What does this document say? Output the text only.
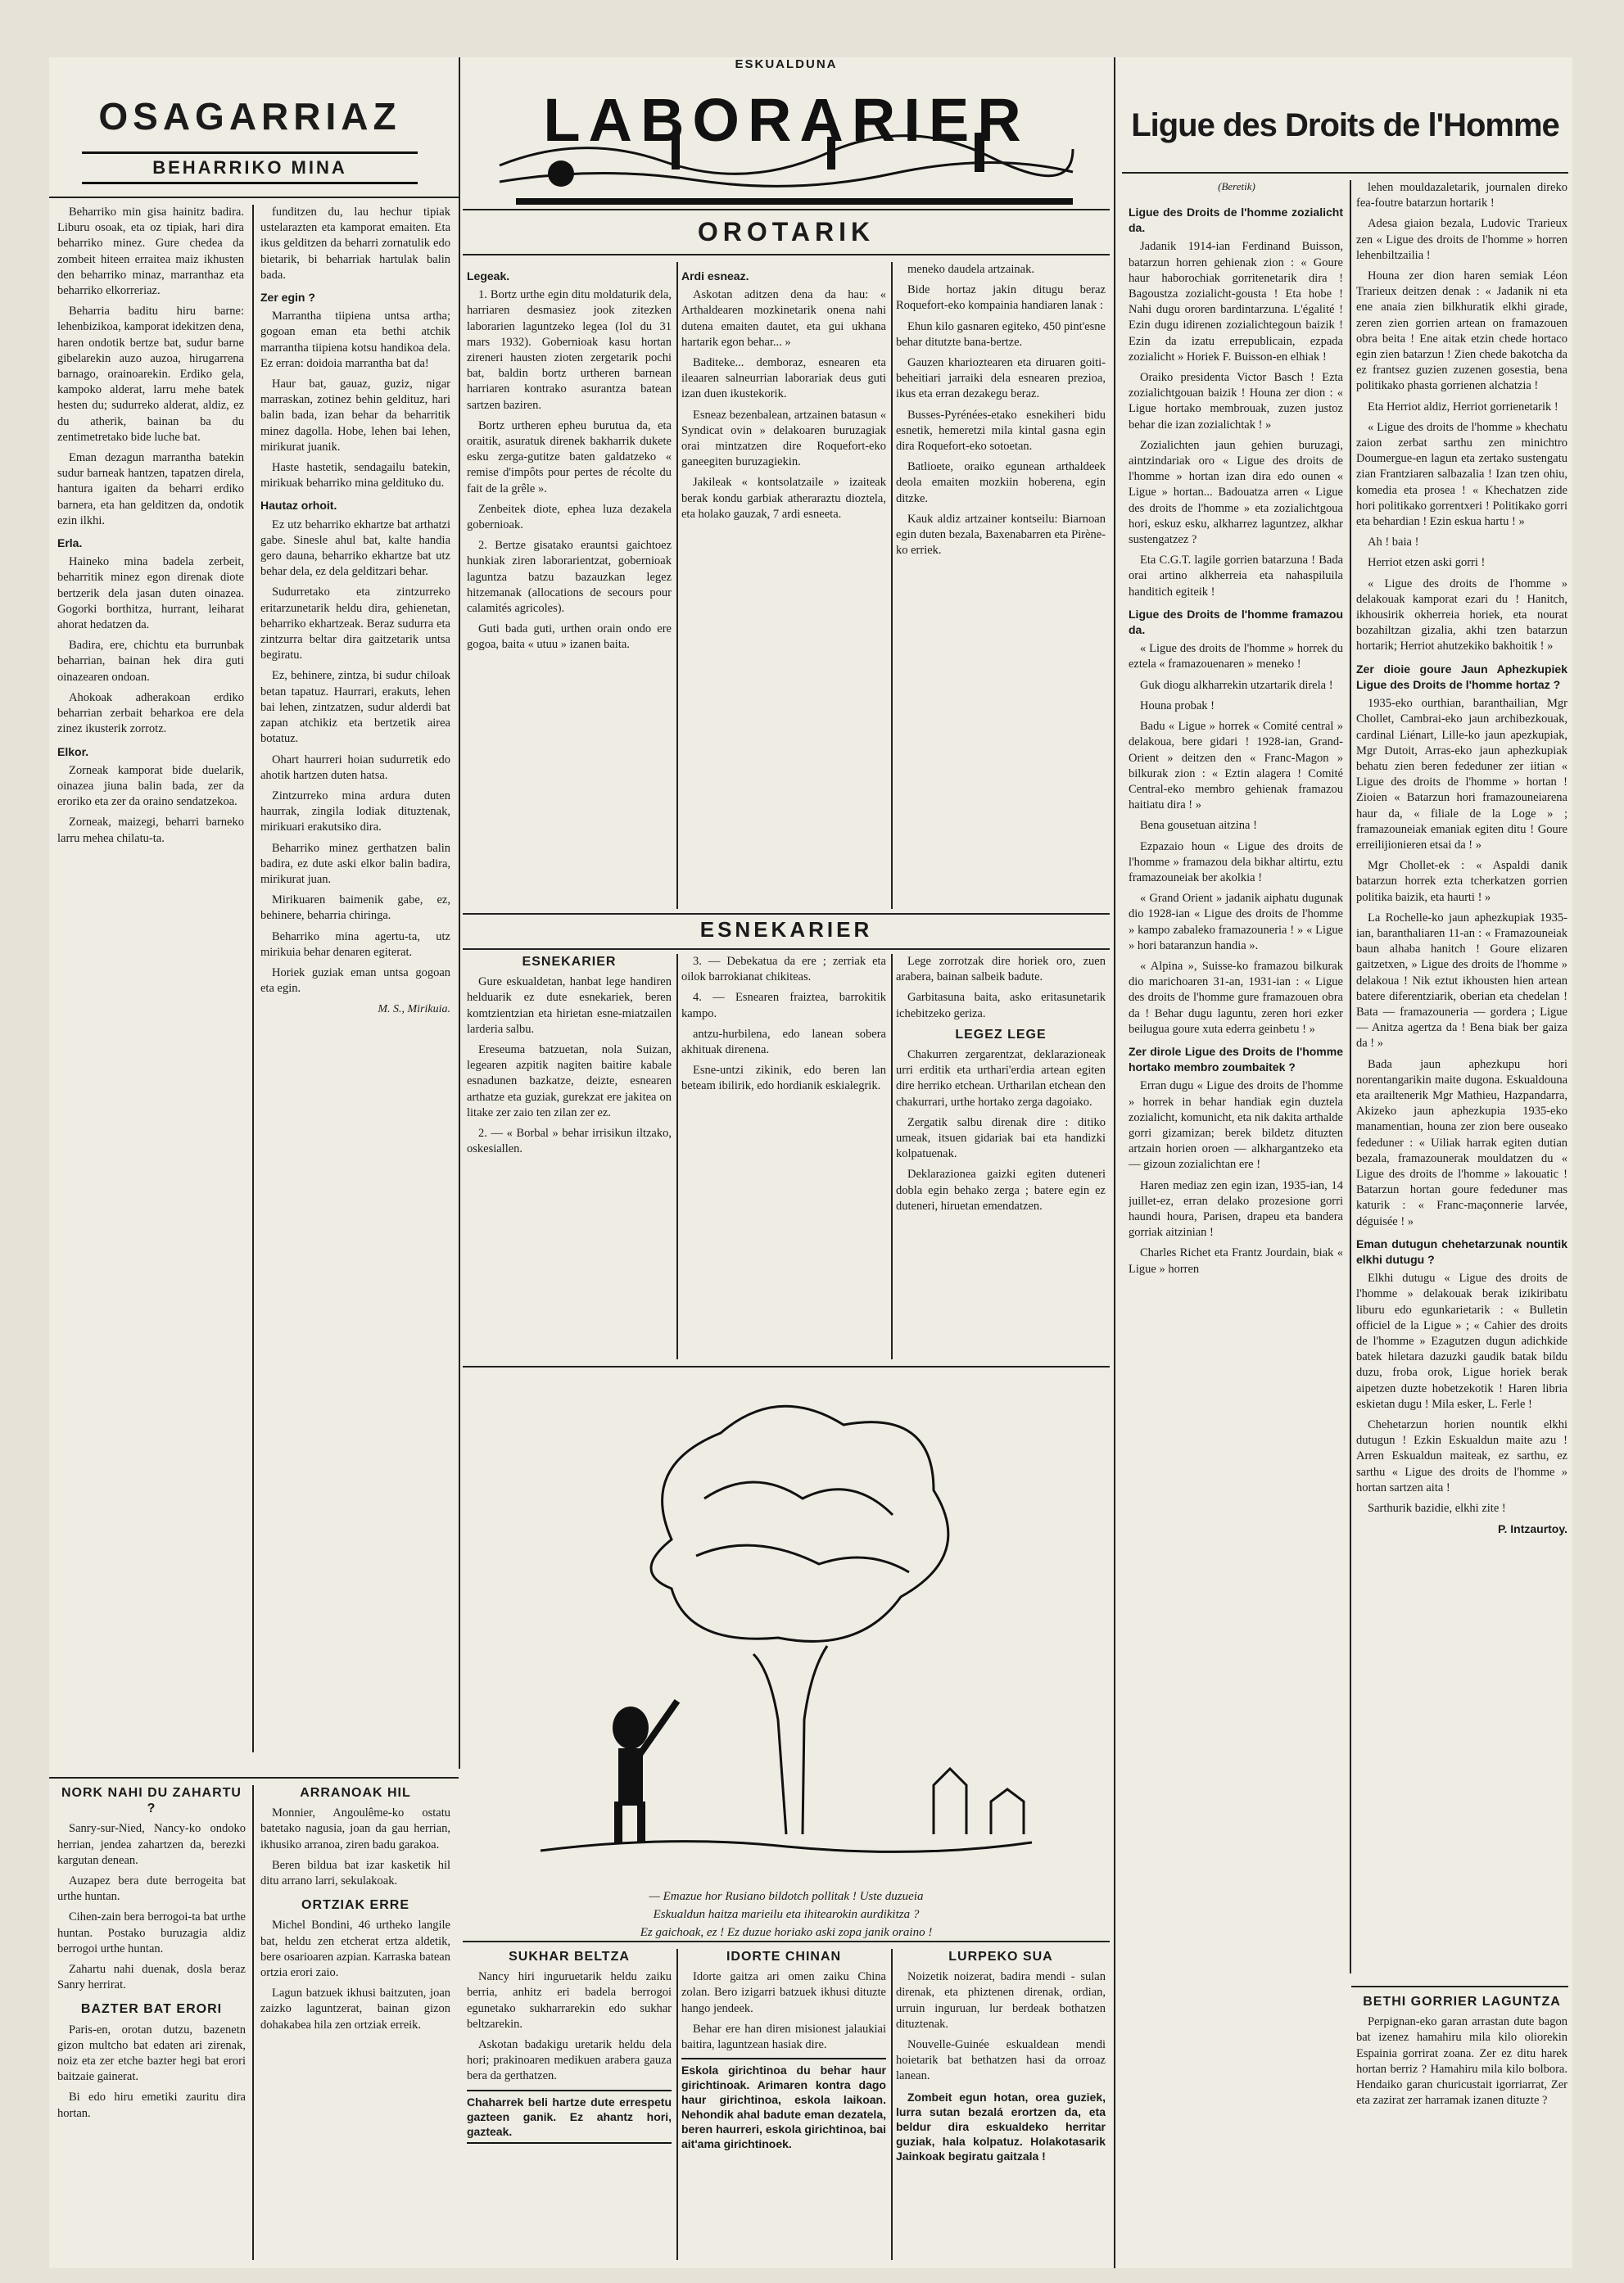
OSAGARRIAZ
BEHARRIKO MINA

Beharriko min gisa hainitz badira. Liburu osoak, eta oz tipiak, hari dira beharriko minez. Gure chedea da zombeit hiteen erraitea maiz ikhusten den beharriko minaz, marranthaz eta beharriko elkorreriaz.

Beharria baditu hiru barne: lehenbizikoa, kamporat idekitzen dena, haren ondotik bertze bat, sudur barne gibelarekin auzo auzoa, hirugarrena barnago, orainoarekin. Erdiko gela, kampoko alderat, larru mehe batek hesten du; sudurreko alderat, aldiz, ez du atherik, bainan ba du zentimetretako bide luche bat.

Eman dezagun marrantha batekin sudur barneak hantzen, tapatzen direla, hantura igaiten da beharri erdiko barnera, eta han gelditzen da, ondotik ezin ilkhi.

Erla.

Haineko mina badela zerbeit, beharritik minez egon direnak diote bertzerik dela jasan duten oinazea. Gogorki borthitza, hurrant, leiharat ahorat hedatzen da.

Badira, ere, chichtu eta burrunbak beharrian, bainan hek dira guti oinazearen ondoan.

Ahokoak adherakoan erdiko beharrian zerbait beharkoa ere dela zinez ikusterik zorrotz.

Elkor.

Zorneak kamporat bide duelarik, oinazea jiuna balin bada, zer da eroriko eta zer da oraino sendatzekoa.

Zorneak, maizegi, beharri barneko larru mehea chilatu-ta.

funditzen du, lau hechur tipiak ustelarazten eta kamporat emaiten. Eta ikus gelditzen da beharri zornatulik edo bietarik, bi beharriak hartulak balin bada.

Zer egin ?

Marrantha tiipiena untsa artha; gogoan eman eta bethi atchik marrantha tiipiena kotsu handikoa dela. Ez erran: doidoia marrantha bat da!

Haur bat, gauaz, guziz, nigar marraskan, zotinez behin geldituz, hari balin bada, izan behar da beharritik minez dagolla. Hobe, lehen bai lehen, mirikurat juanik.

Haste hastetik, sendagailu batekin, mirikuak beharriko mina geldituko du.

Hautaz orhoit.

Ez utz beharriko ekhartze bat arthatzi gabe. Sinesle ahul bat, kalte handia gero dauna, beharriko ekhartze bat utz behar dela, ez dela gelditzari behar.

Sudurretako eta zintzurreko eritarzunetarik heldu dira, gehienetan, beharriko ekhartzeak. Beraz sudurra eta zintzurra beltar dira gaitzetarik untsa begiratu.

Ez, behinere, zintza, bi sudur chiloak betan tapatuz. Haurrari, erakuts, lehen bai lehen, zintzatzen, sudur alderdi bat zapan atchikiz eta bertzetik airea botatuz.

Ohart haurreri hoian sudurretik edo ahotik hartzen duten hatsa.

Zintzurreko mina ardura duten haurrak, zingila lodiak dituztenak, mirikuari erakutsiko dira.

Beharriko minez gerthatzen balin badira, ez dute aski elkor balin badira, mirikurat juan.

Mirikuaren baimenik gabe, ez, behinere, beharria chiringa.

Beharriko mina agertu-ta, utz mirikuia behar denaren egiterat.

Horiek guziak eman untsa gogoan eta egin.

M. S., Mirikuia.
ESKUALDUNA
LABORARIER
OROTARIK
Legeak.

1. Bortz urthe egin ditu moldaturik dela, harriaren desmasiez jook zitezken laborarien laguntzeko legea (Iol du 31 mars 1932). Gobernioak kasu hortan zireneri hausten zioten zergetarik pochi bat, baldin bortz urtheren barnean harriaren kontrako asurantza batean sartzen baziren.

Bortz urtheren epheu burutua da, eta oraitik, asuratuk direnek bakharrik dukete esku zerga-gutitze baten galdatzeko « remise d'impôts pour pertes de récolte du fait de la grêle ».

Zenbeitek diote, ephea luza dezakela gobernioak.

2. Bertze gisatako erauntsi gaichtoez hunkiak ziren laborarientzat, gobernioak laguntza batzu bazauzkan legez hitzemanak (allocations de secours pour calamités agricoles).

Guti bada guti, urthen orain ondo ere gogoa, baita « utuu » izanen baita.

Ardi esneaz.

Askotan aditzen dena da hau: « Arthaldearen mozkinetarik onena nahi dutena emaiten dautet, eta gui ukhana hartarik egon behar... »

Baditeke... demboraz, esnearen eta ileaaren salneurrian laborariak deus guti izan duen ikustekorik.

Esneaz bezenbalean, artzainen batasun « Syndicat ovin » delakoaren buruzagiak orai mintzatzen dire Roquefort-eko ganeegiten buruzagiekin.

Jakileak « kontsolatzaile » izaiteak berak kondu garbiak atheraraztu dioztela, eta holako gauzak, 7 ardi esneeta.

meneko daudela artzainak.

Bide hortaz jakin ditugu beraz Roquefort-eko kompainia handiaren lanak :

Ehun kilo gasnaren egiteko, 450 pint'esne behar ditutzte bana-bertze.

Gauzen kharioztearen eta diruaren goiti-beheitiari jarraiki dela esnearen prezioa, ikus eta erran dezakegu beraz.

Busses-Pyrénées-etako esnekiheri bidu esnetik, hemeretzi mila kintal gasna egin dira Roquefort-eko sotoetan.

Batlioete, oraiko egunean arthaldeek deola emaiten mozkiin hoberena, egin ditzke.

Kauk aldiz artzainer kontseilu: Biarnoan egin duten bezala, Baxenabarren eta Pirène-ko erriek.

ESNEKARIER
ESNEKARIER

Gure eskualdetan, hanbat lege handiren helduarik ez dute esnekariek, beren komtzientzian eta hirietan esne-miatzailen larderia salbu.

Ereseuma batzuetan, nola Suizan, legearen azpitik nagiten baitire kabale esnadunen bazkatze, deizte, esnearen arthatze eta guziak, gurekzat ere jakitea on litake zer zaio ten zilan zer ez.

2. — « Borbal » behar irrisikun iltzako, oskesiallen.

3. — Debekatua da ere ; zerriak eta oilok barrokianat chikiteas.

4. — Esnearen fraiztea, barrokitik kampo.

antzu-hurbilena, edo lanean sobera akhituak direnena.

Esne-untzi zikinik, edo beren lan beteam ibilirik, edo hordianik eskialegrik.

Lege zorrotzak dire horiek oro, zuen arabera, bainan salbeik badute.

Garbitasuna baita, asko eritasunetarik ichebitzeko geriza.

LEGEZ LEGE

Chakurren zergarentzat, deklarazioneak urri erditik eta urthari'erdia artean egiten dire herriko etchean. Urtharilan etchean den chakurrari, urthe hortako zerga dagoiako.

Zergatik salbu direnak dire : ditiko umeak, itsuen gidariak bai eta handizki kolpatuenak.

Deklarazionea gaizki egiten duteneri dobla egin behako zerga ; batere egin ez duteneri, hiruetan emendatzen.

— Emazue hor Rusiano bildotch pollitak ! Uste duzueia
Eskualdun haitza marieilu eta ihitearokin aurdikitza ?
Ez gaichoak, ez ! Ez duzue horiako aski zopa janik oraino !
NORK NAHI DU ZAHARTU ?

Sanry-sur-Nied, Nancy-ko ondoko herrian, jendea zahartzen da, berezki kargutan denean.

Auzapez bera dute berrogeita bat urthe huntan.

Cihen-zain bera berrogoi-ta bat urthe huntan. Postako buruzagia aldiz berrogoi urthe huntan.

Zahartu nahi duenak, dosla beraz Sanry herrirat.

BAZTER BAT ERORI

Paris-en, orotan dutzu, bazenetn gizon multcho bat edaten ari zirenak, noiz eta zer etche bazter hegi bat erori baitzaie gainerat.

Bi edo hiru emetiki zauritu dira hortan.

ARRANOAK HIL

Monnier, Angoulême-ko ostatu batetako nagusia, joan da gau herrian, ikhusiko arranoa, ziren badu garakoa.

Beren bildua bat izar kasketik hil ditu arrano larri, sekulakoak.

ORTZIAK ERRE

Michel Bondini, 46 urtheko langile bat, heldu zen etcherat ertza aldetik, bere osarioaren azpian. Karraska batean ortzia erori zaio.

Lagun batzuek ikhusi baitzuten, joan zaizko laguntzerat, bainan gizon dohakabea hila zen ortziak erreik.

SUKHAR BELTZA

Nancy hiri inguruetarik heldu zaiku berria, anhitz eri badela berrogoi egunetako sukharrarekin edo sukhar beltzarekin.

Askotan badakigu uretarik heldu dela hori; prakinoaren medikuen arabera gauza bera da gerthatzen.

Chaharrek beli hartze dute errespetu gazteen ganik. Ez ahantz hori, gazteak.
IDORTE CHINAN

Idorte gaitza ari omen zaiku China zolan. Bero izigarri batzuek ikhusi dituzte hango jendeek.

Behar ere han diren misionest jalaukiai baitira, laguntzean hasiak dire.

Eskola girichtinoa du behar haur girichtinoak. Arimaren kontra dago haur girichtinoa, eskola laikoan. Nehondik ahal badute eman dezatela, beren haurreri, eskola girichtinoa, bai ait'ama girichtinoek.
LURPEKO SUA

Noizetik noizerat, badira mendi - sulan direnak, eta phiztenen direnak, ordian, urruin inguruan, lur berdeak bothatzen dituztenak.

Nouvelle-Guinée eskualdean mendi hoietarik bat bethatzen hasi da orroaz lanean.

Zombeit egun hotan, orea guziek, lurra sutan bezalá erortzen da, eta beldur dira eskualdeko herritar guziak, hala kolpatuz. Holakotasarik Jainkoak begiratu gaitzala !

Ligue des Droits de l'Homme
(Beretik)
Ligue des Droits de l'homme zozialicht da.

Jadanik 1914-ian Ferdinand Buisson, batarzun horren gehienak zion : « Goure haur haborochiak gorritenetarik dira ! Bagoustza zozialicht-gousta ! Eta hobe ! Nahi dugu ororen bardintarzuna. L'égalité ! Ezin dugu idirenen zozialichtegoun baizik ! Ezin da izatu errepublicain, ezpada zozialicht » Horiek F. Buisson-en elhiak !

Oraiko presidenta Victor Basch ! Ezta zozialichtgouan baizik ! Houna zer dion : « Ligue hortako membrouak, zuzen justoz behar die izan zozialichtak ! »

Zozialichten jaun gehien buruzagi, aintzindariak oro « Ligue des droits de l'homme » hortan izan dira edo ounen « Ligue » hortan... Badouatza arren « Ligue des droits de l'homme » eta zozialichtgoua hori, eskuz esku, alkharrez laguntzez, alkhar sustengatzez ?

Eta C.G.T. lagile gorrien batarzuna ! Bada orai artino alkherreia eta nahaspiluila handitich egiteik !

Ligue des Droits de l'homme framazou da.

« Ligue des droits de l'homme » horrek du eztela « framazouenaren » meneko !

Guk diogu alkharrekin utzartarik direla !

Houna probak !

Badu « Ligue » horrek « Comité central » delakoua, bere gidari ! 1928-ian, Grand-Orient » deitzen den « Franc-Magon » bilkurak zion : « Eztin alagera ! Comité Central-eko membro gehienak framazou haitiatu dira ! »

Bena gousetuan aitzina !

Ezpazaio houn « Ligue des droits de l'homme » framazou dela bikhar altirtu, eztu framazouneiak ber akolkia !

« Grand Orient » jadanik aiphatu dugunak dio 1928-ian « Ligue des droits de l'homme » kampo zabaleko framazouneria ! » « Ligue » hori bataranzun handia ».

« Alpina », Suisse-ko framazou bilkurak dio marichoaren 31-an, 1931-ian : « Ligue des droits de l'homme gure framazouen obra da ! Behar dugu laguntu, zeren hori ezker beilugua goure xuta ederra geinbetu ! »

Zer dirole Ligue des Droits de l'homme hortako membro zoumbaitek ?

Erran dugu « Ligue des droits de l'homme » horrek in behar handiak egin duztela zozialicht, komunicht, eta nik dakita arthalde gorri gizamizan; berek bildetz dituzten artzain horien oroen — alkhargantzeko eta — gizoun zozialichtan ere !

Haren mediaz zen egin izan, 1935-ian, 14 juillet-ez, erran delako prozesione gorri haundi houra, Parisen, drapeu eta bandera gorriak aitzinian !

Charles Richet eta Frantz Jourdain, biak « Ligue » horren

lehen mouldazaletarik, journalen direko fea-foutre batarzun hortarik !

Adesa giaion bezala, Ludovic Trarieux zen « Ligue des droits de l'homme » horren lehenbiltzailia !

Houna zer dion haren semiak Léon Trarieux deitzen denak : « Jadanik ni eta ene anaia zien bilkhuratik elkhi girade, zeren zien gorrien artean on framazouen obra beita ! Ene aitak etzin chede hortaco egin zien batarzun ! Zien chede bakotcha da ez frantsez guzien zuzenen gosestia, bena politikako phasta gorrienen alchatzia !

Eta Herriot aldiz, Herriot gorrienetarik !

« Ligue des droits de l'homme » khechatu zaion zerbat sarthu zen minichtro Doumergue-en lagun eta zertako sustengatu zian Frantziaren salbazalia ! Izan tzen ohiu, komedia eta prosea ! « Khechatzen zide hori politikako gorrentxeri ! Politikako gorri eta behardian ! Ezin eskua hartu ! »

Ah ! baia !

Herriot etzen aski gorri !

« Ligue des droits de l'homme » delakouak kamporat ezari du ! Hanitch, ikhousirik okherreia horiek, eta nourat bozahiltzan gizalia, akhi tzen batarzun hortarik; Herriot ahutzekiko bakhoitik ! »

Zer dioie goure Jaun Aphezkupiek Ligue des Droits de l'homme hortaz ?

1935-eko ourthian, baranthailian, Mgr Chollet, Cambrai-eko jaun archibezkouak, cardinal Liénart, Lille-ko jaun apezkupiak, Mgr Dutoit, Arras-eko jaun aphezkupiak behatu zien beren fededuner zer iitian « Ligue des droits de l'homme » hortan ! Zioien « Batarzun hori framazouneiarena haur da, « filiale de la Loge » ; framazouneiak emaniak egiten ditu ! Goure erreilijionieren etsai da ! »

Mgr Chollet-ek : « Aspaldi danik batarzun horrek ezta tcherkatzen gorrien politika baizik, eta haurti ! »

La Rochelle-ko jaun aphezkupiak 1935-ian, baranthaliaren 11-an : « Framazouneiak baun alhaba hanitch ! Goure elizaren gaitzetxen, » Ligue des droits de l'homme » delakoua ! Nik eztut ikhousten hien artean batere diferentziarik, oberian eta chedelan ! Bata — framazouneria — gordera ; Ligue — Anitza agertza da ! Bena biak ber gaiza da ! »

Bada jaun aphezkupu hori norentangarikin maite dugona. Eskualdouna eta arailtenerik Mgr Mathieu, Hazpandarra, Akizeko jaun aphezkupia 1935-eko manamentian, houna zer zion bere ouseako fededuner : « Uiliak harrak egiten dutian bezala, framazounerak mouldatzen du « Ligue des droits de l'homme » lakouatic ! Batarzun hortan goure fededuner mas katurik : « Franc-maçonnerie larvée, déguisée ! »

Eman dutugun chehetarzunak nountik elkhi dutugu ?

Elkhi dutugu « Ligue des droits de l'homme » delakouak berak izikiribatu liburu edo egunkarietarik : « Bulletin officiel de la Ligue » ; « Cahier des droits de l'homme » Ezagutzen dugun adichkide batek hiletara dazuzki gaudik batak bildu duzu, froba orok, Ligue horiek berak aipetzen duzte hobetzekotik ! Haren libria eskietan dugu ! Mila esker, L. Ferle !

Chehetarzun horien nountik elkhi dutugun ! Ezkin Eskualdun maite azu ! Arren Eskualdun maiteak, ez sarthu, ez sarthu « Ligue des droits de l'homme » hortan sartzen aita !

Sarthurik bazidie, elkhi zite !

P. Intzaurtoy.
BETHI GORRIER LAGUNTZA

Perpignan-eko garan arrastan dute bagon bat izenez hamahiru mila kilo oliorekin Espainia gorrirat zoana. Zer ez ditu harek hortan berriz ? Hamahiru mila kilo bolbora. Hendaiko garan churicustait igorriarrat, Zer eta zazirat zer harramak izanen dituzte ?
